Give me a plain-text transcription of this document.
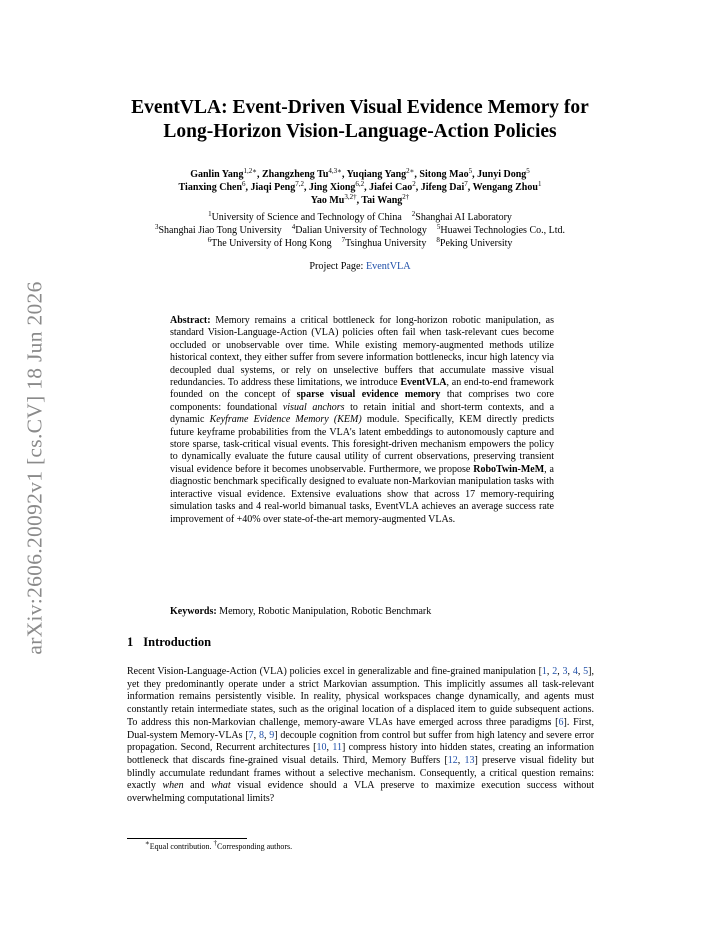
arXiv:2606.20092v1 [cs.CV] 18 Jun 2026
EventVLA: Event-Driven Visual Evidence Memory for
Long-Horizon Vision-Language-Action Policies
Ganlin Yang$^{1,2∗}$, Zhangzheng $Tu^{4,3∗}$, Yuqiang Yang$^{2∗}$, Sitong Mao$^5$, Junyi Dong$^5$
Tianxing Chen$^6$, Jiaqi Peng$^{7,2}$, Jing Xiong$^{6,2}$, Jiafei Cao$^2$, Jifeng Dai$^7$, Wengang Zhou$^1$
Yao $Mu^{3,2\dagger}$, Tai Wang$^{2\dagger}$
$^1$University of Science and Technology of China  $^2$Shanghai AI Laboratory
$^3$Shanghai Jiao Tong University  $^4$Dalian University of Technology  $^5$Huawei Technologies Co., Ltd.
$^6$The University of Hong Kong  $^7$Tsinghua University  $^8$Peking University
Project Page: EventVLA
Abstract: Memory remains a critical bottleneck for long-horizon robotic manipulation, as standard Vision-Language-Action (VLA) policies often fail when task-relevant cues become occluded or unobservable over time. While existing memory-augmented methods utilize historical context, they either suffer from severe information bottlenecks, incur high latency via decoupled dual systems, or rely on unselective buffers that accumulate massive visual redundancies. To address these limitations, we introduce EventVLA, an end-to-end framework founded on the concept of sparse visual evidence memory that comprises two core components: foundational visual anchors to retain initial and short-term contexts, and a dynamic Keyframe Evidence Memory (KEM) module. Specifically, KEM directly predicts future keyframe probabilities from the VLA's latent embeddings to autonomously capture and store sparse, task-critical visual events. This foresight-driven mechanism empowers the policy to dynamically evaluate the future causal utility of current observations, preserving transient visual evidence before it becomes unobservable. Furthermore, we propose RoboTwin-MeM, a diagnostic benchmark specifically designed to evaluate non-Markovian manipulation tasks with interactive visual evidence. Extensive evaluations show that across 17 memory-requiring simulation tasks and 4 real-world bimanual tasks, EventVLA achieves an average success rate improvement of +40% over state-of-the-art memory-augmented VLAs.
Keywords: Memory, Robotic Manipulation, Robotic Benchmark
1 Introduction
Recent Vision-Language-Action (VLA) policies excel in generalizable and fine-grained manipulation [1, 2, 3, 4, 5], yet they predominantly operate under a strict Markovian assumption. This implicitly assumes all task-relevant information remains persistently visible. In reality, physical workspaces change dynamically, and agents must constantly retain intermediate states, such as the original location of a displaced item to guide subsequent actions. To address this non-Markovian challenge, memory-aware VLAs have emerged across three paradigms [6]. First, Dual-system Memory-VLAs [7, 8, 9] decouple cognition from control but suffer from high latency and severe error propagation. Second, Recurrent architectures [10, 11] compress history into hidden states, creating an information bottleneck that discards fine-grained visual details. Third, Memory Buffers [12, 13] preserve visual fidelity but blindly accumulate redundant frames without a selective mechanism. Consequently, a critical question remains: exactly when and what visual evidence should a VLA preserve to maximize execution success without overwhelming computational limits?
∗Equal contribution. †Corresponding authors.
